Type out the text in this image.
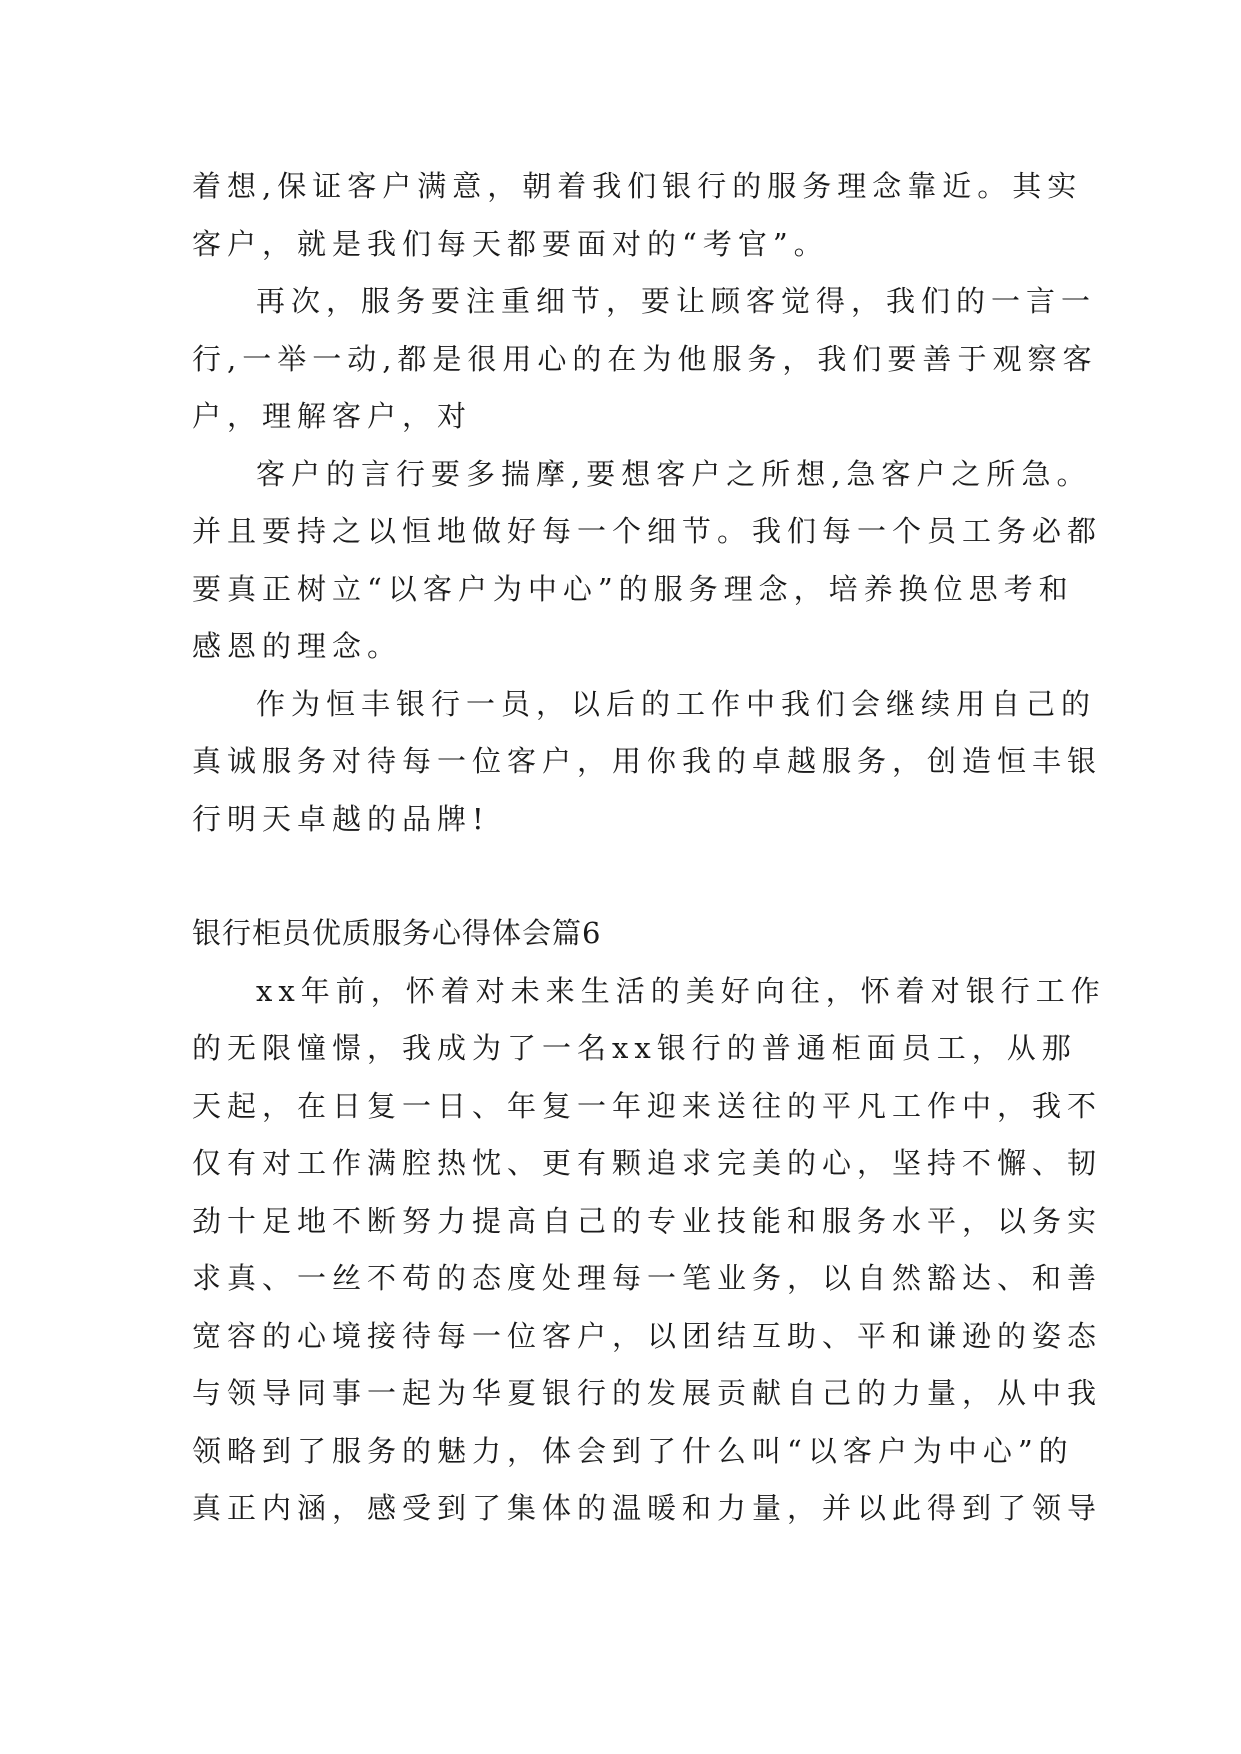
着想,保证客户满意，朝着我们银行的服务理念靠近。其实
客户，就是我们每天都要面对的“考官”。
再次，服务要注重细节，要让顾客觉得，我们的一言一
行,一举一动,都是很用心的在为他服务，我们要善于观察客
户，理解客户，对
客户的言行要多揣摩,要想客户之所想,急客户之所急。
并且要持之以恒地做好每一个细节。我们每一个员工务必都
要真正树立“以客户为中心”的服务理念，培养换位思考和
感恩的理念。
作为恒丰银行一员，以后的工作中我们会继续用自己的
真诚服务对待每一位客户，用你我的卓越服务，创造恒丰银
行明天卓越的品牌!
银行柜员优质服务心得体会篇6
xx年前，怀着对未来生活的美好向往，怀着对银行工作
的无限憧憬，我成为了一名xx银行的普通柜面员工，从那
天起，在日复一日、年复一年迎来送往的平凡工作中，我不
仅有对工作满腔热忱、更有颗追求完美的心，坚持不懈、韧
劲十足地不断努力提高自己的专业技能和服务水平，以务实
求真、一丝不苟的态度处理每一笔业务，以自然豁达、和善
宽容的心境接待每一位客户，以团结互助、平和谦逊的姿态
与领导同事一起为华夏银行的发展贡献自己的力量，从中我
领略到了服务的魅力，体会到了什么叫“以客户为中心”的
真正内涵，感受到了集体的温暖和力量，并以此得到了领导
